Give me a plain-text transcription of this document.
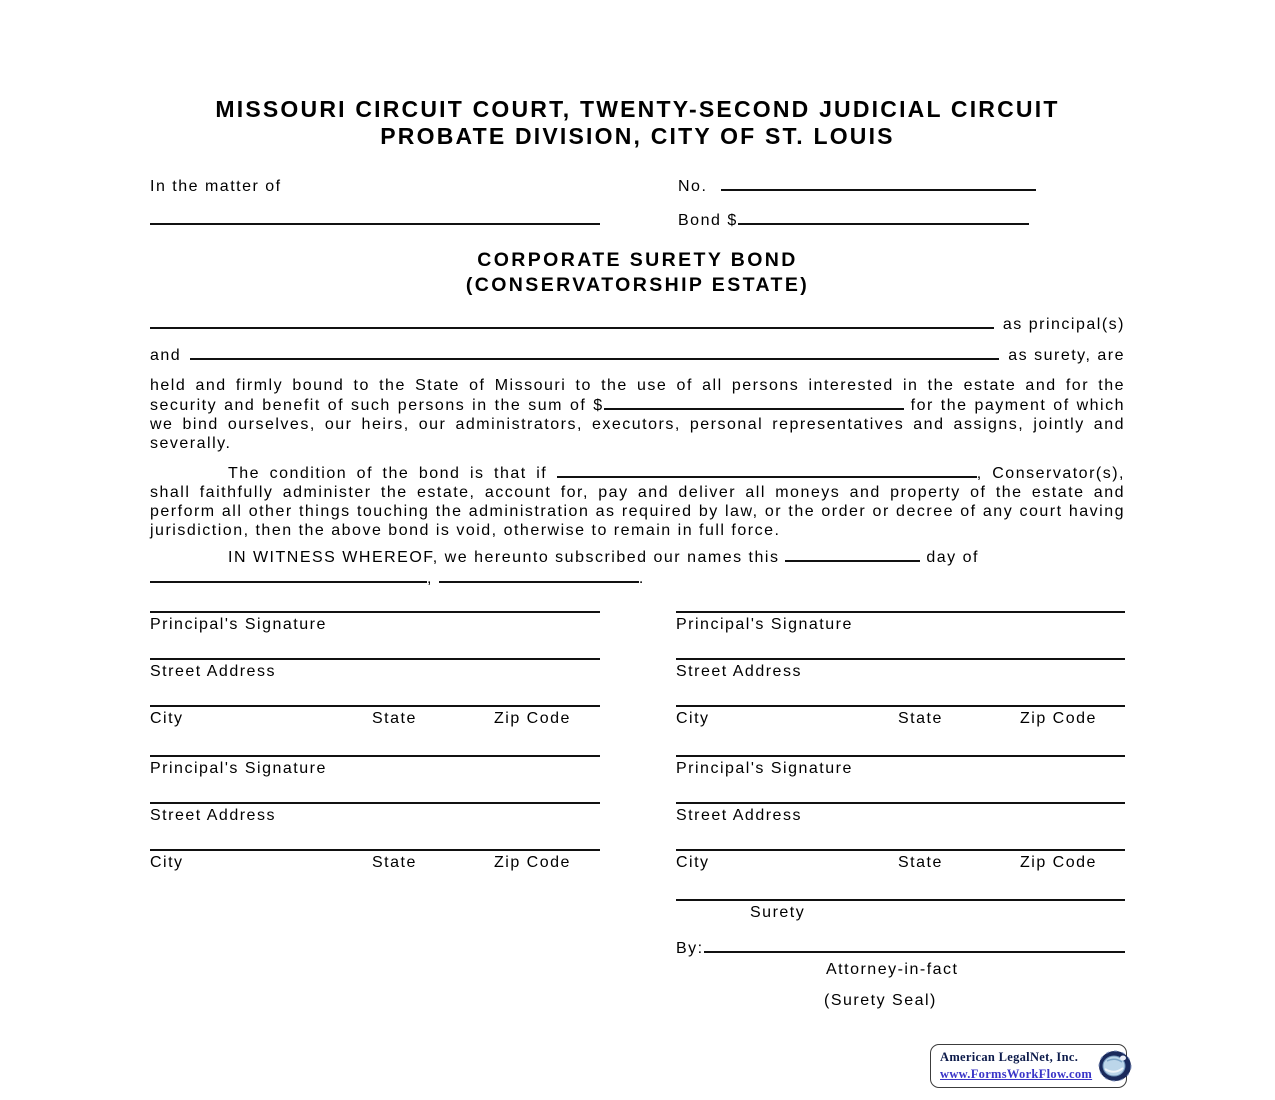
MISSOURI CIRCUIT COURT, TWENTY-SECOND JUDICIAL CIRCUIT
PROBATE DIVISION, CITY OF ST. LOUIS
In the matter of	No.
Bond $
CORPORATE SURETY BOND
(CONSERVATORSHIP ESTATE)
as principal(s)
and	as surety, are

held and firmly bound to the State of Missouri to the use of all persons interested in the estate and for the security and benefit of such persons in the sum of $	for the payment of which we bind ourselves, our heirs, our administrators, executors, personal representatives and assigns, jointly and severally.

The condition of the bond is that if	, Conservator(s), shall faithfully administer the estate, account for, pay and deliver all moneys and property of the estate and perform all other things touching the administration as required by law, or the order or decree of any court having jurisdiction, then the above bond is void, otherwise to remain in full force.

IN WITNESS WHEREOF, we hereunto subscribed our names this	day of
,	.

Principal's Signature
Street Address
City	State	Zip Code
Principal's Signature
Street Address
City	State	Zip Code
Principal's Signature
Street Address
City	State	Zip Code
Principal's Signature
Street Address
City	State	Zip Code
Surety
By:
Attorney-in-fact
(Surety Seal)
American LegalNet, Inc.
www.FormsWorkFlow.com
